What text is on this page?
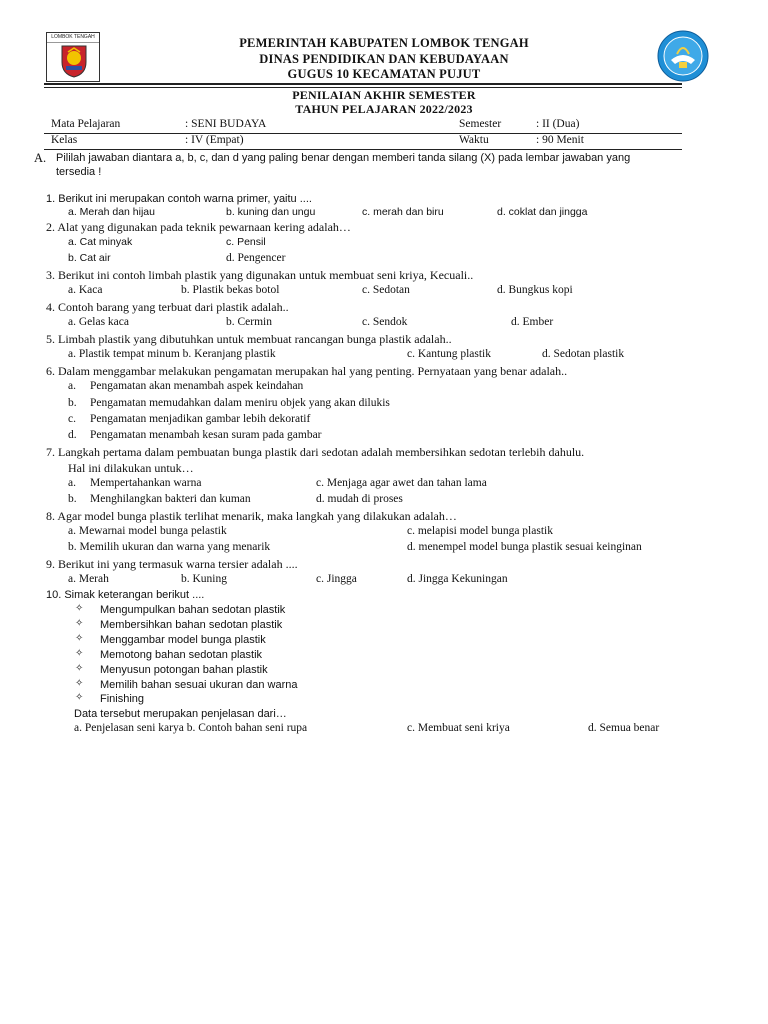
LOMBOK TENGAH	PEMERINTAH KABUPATEN LOMBOK TENGAH
DINAS PENDIDIKAN DAN KEBUDAYAAN
GUGUS 10 KECAMATAN PUJUT
PENILAIAN AKHIR SEMESTER
TAHUN PELAJARAN 2022/2023
Mata Pelajaran	: SENI BUDAYA	Semester	: II (Dua)
Kelas	: IV (Empat)	Waktu	: 90 Menit
A. Pililah jawaban diantara a, b, c, dan d yang paling benar dengan memberi tanda silang (X) pada lembar jawaban yang
tersedia !
1. Berikut ini merupakan contoh warna primer, yaitu ....
a. Merah dan hijau	b. kuning dan ungu	c. merah dan biru	d. coklat dan jingga
2. Alat yang digunakan pada teknik pewarnaan kering adalah…
a. Cat minyak	c. Pensil
b. Cat air	d. Pengencer
3. Berikut ini contoh limbah plastik yang digunakan untuk membuat seni kriya, Kecuali..
a. Kaca	b. Plastik bekas botol	c. Sedotan	d. Bungkus kopi
4. Contoh barang yang terbuat dari plastik adalah..
a. Gelas kaca	b. Cermin	c. Sendok	d. Ember
5. Limbah plastik yang dibutuhkan untuk membuat rancangan bunga plastik adalah..
a. Plastik tempat minum b. Keranjang plastik	c. Kantung plastik	d. Sedotan plastik
6. Dalam menggambar melakukan pengamatan merupakan hal yang penting. Pernyataan yang benar adalah..
a. Pengamatan akan menambah aspek keindahan
b. Pengamatan memudahkan dalam meniru objek yang akan dilukis
c. Pengamatan menjadikan gambar lebih dekoratif
d. Pengamatan menambah kesan suram pada gambar
7. Langkah pertama dalam pembuatan bunga plastik dari sedotan adalah membersihkan sedotan terlebih dahulu.
Hal ini dilakukan untuk…
a. Mempertahankan warna	c. Menjaga agar awet dan tahan lama
b. Menghilangkan bakteri dan kuman	d. mudah di proses
8. Agar model bunga plastik terlihat menarik, maka langkah yang dilakukan adalah…
a. Mewarnai model bunga pelastik	c. melapisi model bunga plastik
b. Memilih ukuran dan warna yang menarik	d. menempel model bunga plastik sesuai keinginan
9. Berikut ini yang termasuk warna tersier adalah ....
a. Merah	b. Kuning	c. Jingga	d. Jingga Kekuningan
10. Simak keterangan berikut ....
✧ Mengumpulkan bahan sedotan plastik
✧ Membersihkan bahan sedotan plastik
✧ Menggambar model bunga plastik
✧ Memotong bahan sedotan plastik
✧ Menyusun potongan bahan plastik
✧ Memilih bahan sesuai ukuran dan warna
✧ Finishing
Data tersebut merupakan penjelasan dari…
a. Penjelasan seni karya b. Contoh bahan seni rupa	c. Membuat seni kriya	d. Semua benar
